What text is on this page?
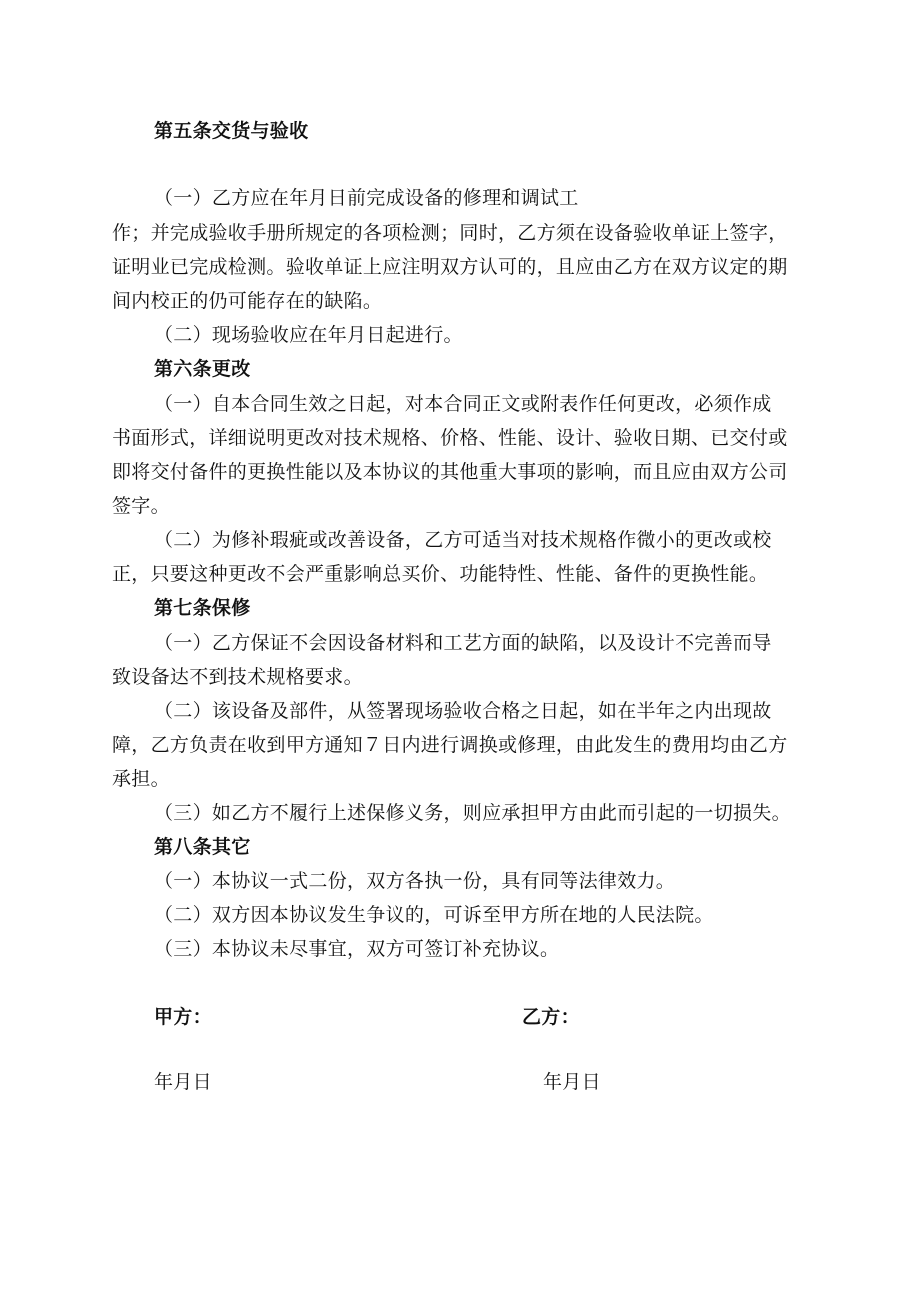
第五条交货与验收
（一）乙方应在年月日前完成设备的修理和调试工
作；并完成验收手册所规定的各项检测；同时，乙方须在设备验收单证上签字，
证明业已完成检测。验收单证上应注明双方认可的，且应由乙方在双方议定的期
间内校正的仍可能存在的缺陷。
（二）现场验收应在年月日起进行。
第六条更改
（一）自本合同生效之日起，对本合同正文或附表作任何更改，必须作成
书面形式，详细说明更改对技术规格、价格、性能、设计、验收日期、已交付或
即将交付备件的更换性能以及本协议的其他重大事项的影响，而且应由双方公司
签字。
（二）为修补瑕疵或改善设备，乙方可适当对技术规格作微小的更改或校
正，只要这种更改不会严重影响总买价、功能特性、性能、备件的更换性能。
第七条保修
（一）乙方保证不会因设备材料和工艺方面的缺陷，以及设计不完善而导
致设备达不到技术规格要求。
（二）该设备及部件，从签署现场验收合格之日起，如在半年之内出现故
障，乙方负责在收到甲方通知７日内进行调换或修理，由此发生的费用均由乙方
承担。
（三）如乙方不履行上述保修义务，则应承担甲方由此而引起的一切损失。
第八条其它
（一）本协议一式二份，双方各执一份，具有同等法律效力。
（二）双方因本协议发生争议的，可诉至甲方所在地的人民法院。
（三）本协议未尽事宜，双方可签订补充协议。
甲方：	乙方：
年月日	年月日
